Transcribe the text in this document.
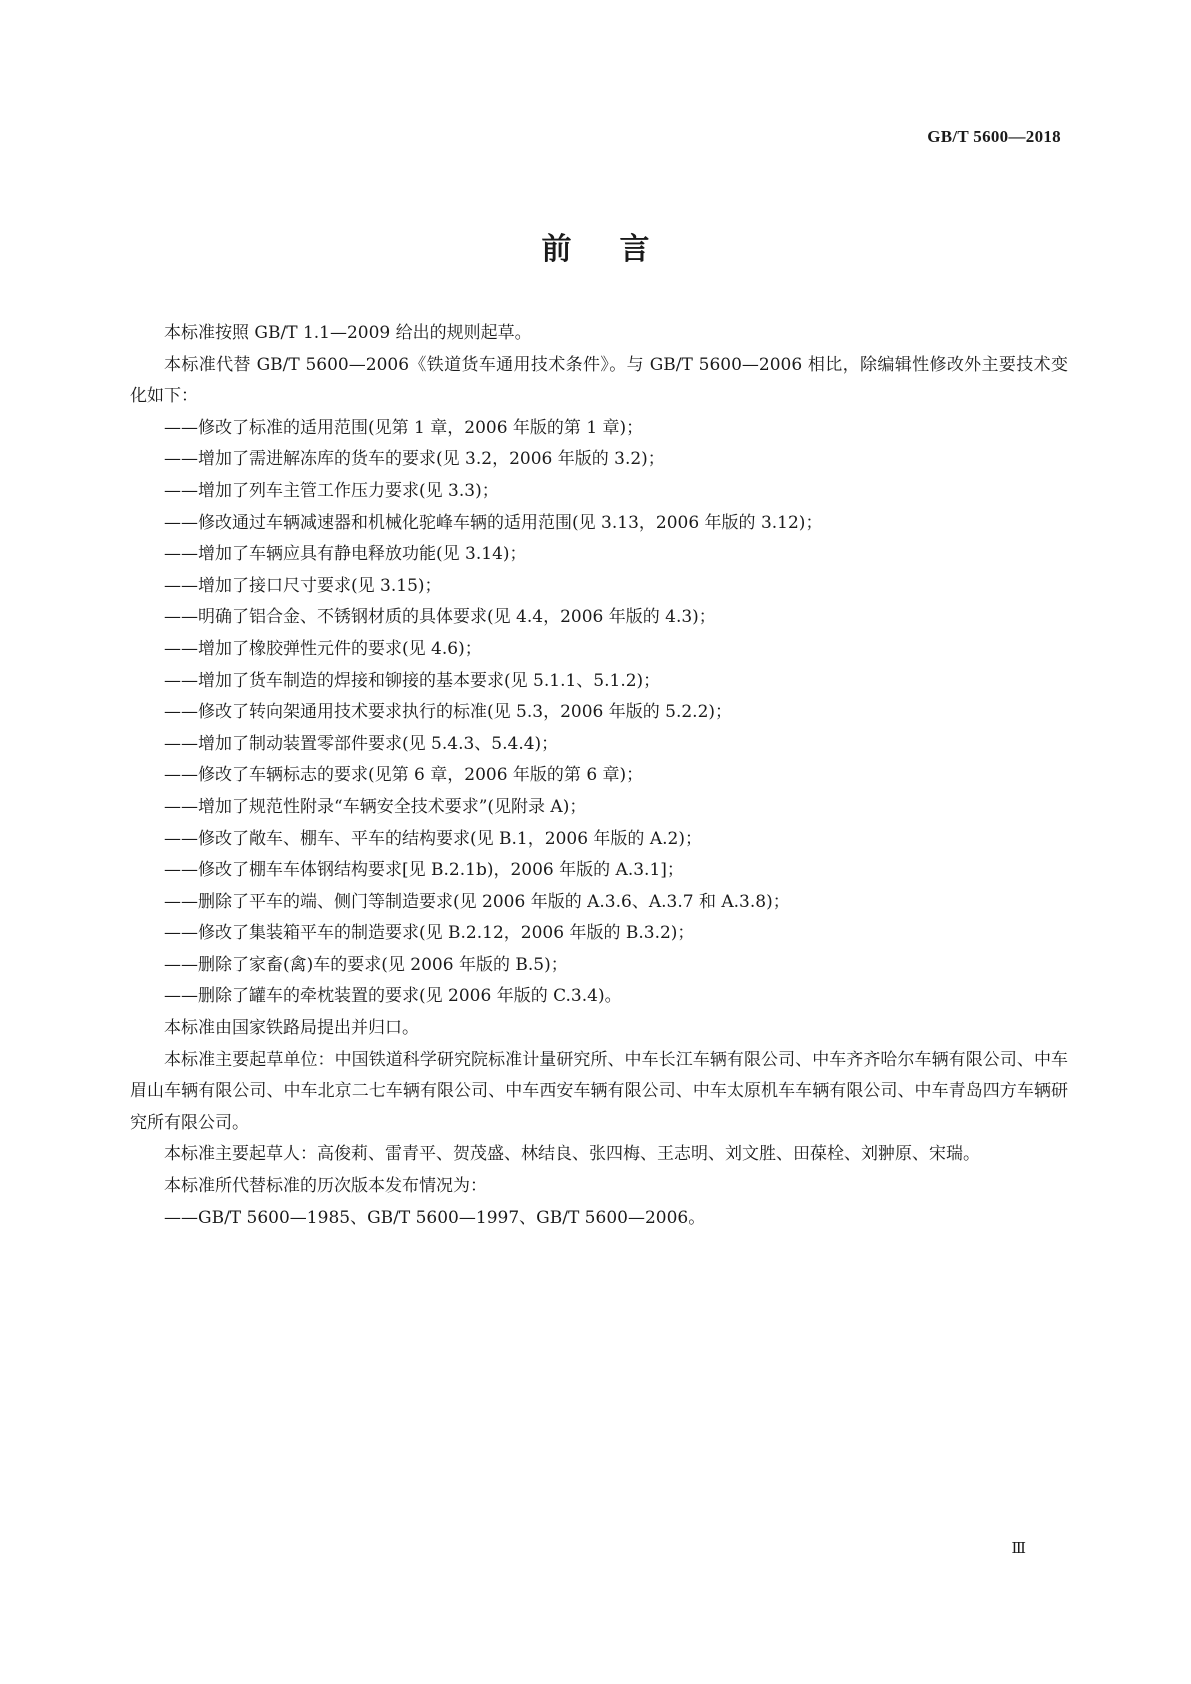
GB/T 5600—2018
前言

本标准按照 GB/T 1.1—2009 给出的规则起草。

本标准代替 GB/T 5600—2006《铁道货车通用技术条件》。与 GB/T 5600—2006 相比，除编辑性修改外主要技术变化如下：

——修改了标准的适用范围(见第 1 章，2006 年版的第 1 章)；

——增加了需进解冻库的货车的要求(见 3.2，2006 年版的 3.2)；

——增加了列车主管工作压力要求(见 3.3)；

——修改通过车辆减速器和机械化驼峰车辆的适用范围(见 3.13，2006 年版的 3.12)；

——增加了车辆应具有静电释放功能(见 3.14)；

——增加了接口尺寸要求(见 3.15)；

——明确了铝合金、不锈钢材质的具体要求(见 4.4，2006 年版的 4.3)；

——增加了橡胶弹性元件的要求(见 4.6)；

——增加了货车制造的焊接和铆接的基本要求(见 5.1.1、5.1.2)；

——修改了转向架通用技术要求执行的标准(见 5.3，2006 年版的 5.2.2)；

——增加了制动装置零部件要求(见 5.4.3、5.4.4)；

——修改了车辆标志的要求(见第 6 章，2006 年版的第 6 章)；

——增加了规范性附录“车辆安全技术要求”(见附录 A)；

——修改了敞车、棚车、平车的结构要求(见 B.1，2006 年版的 A.2)；

——修改了棚车车体钢结构要求[见 B.2.1b)，2006 年版的 A.3.1]；

——删除了平车的端、侧门等制造要求(见 2006 年版的 A.3.6、A.3.7 和 A.3.8)；

——修改了集装箱平车的制造要求(见 B.2.12，2006 年版的 B.3.2)；

——删除了家畜(禽)车的要求(见 2006 年版的 B.5)；

——删除了罐车的牵枕装置的要求(见 2006 年版的 C.3.4)。

本标准由国家铁路局提出并归口。

本标准主要起草单位：中国铁道科学研究院标准计量研究所、中车长江车辆有限公司、中车齐齐哈尔车辆有限公司、中车眉山车辆有限公司、中车北京二七车辆有限公司、中车西安车辆有限公司、中车太原机车车辆有限公司、中车青岛四方车辆研究所有限公司。

本标准主要起草人：高俊莉、雷青平、贺茂盛、林结良、张四梅、王志明、刘文胜、田葆栓、刘翀原、宋瑞。

本标准所代替标准的历次版本发布情况为：

——GB/T 5600—1985、GB/T 5600—1997、GB/T 5600—2006。

Ⅲ
